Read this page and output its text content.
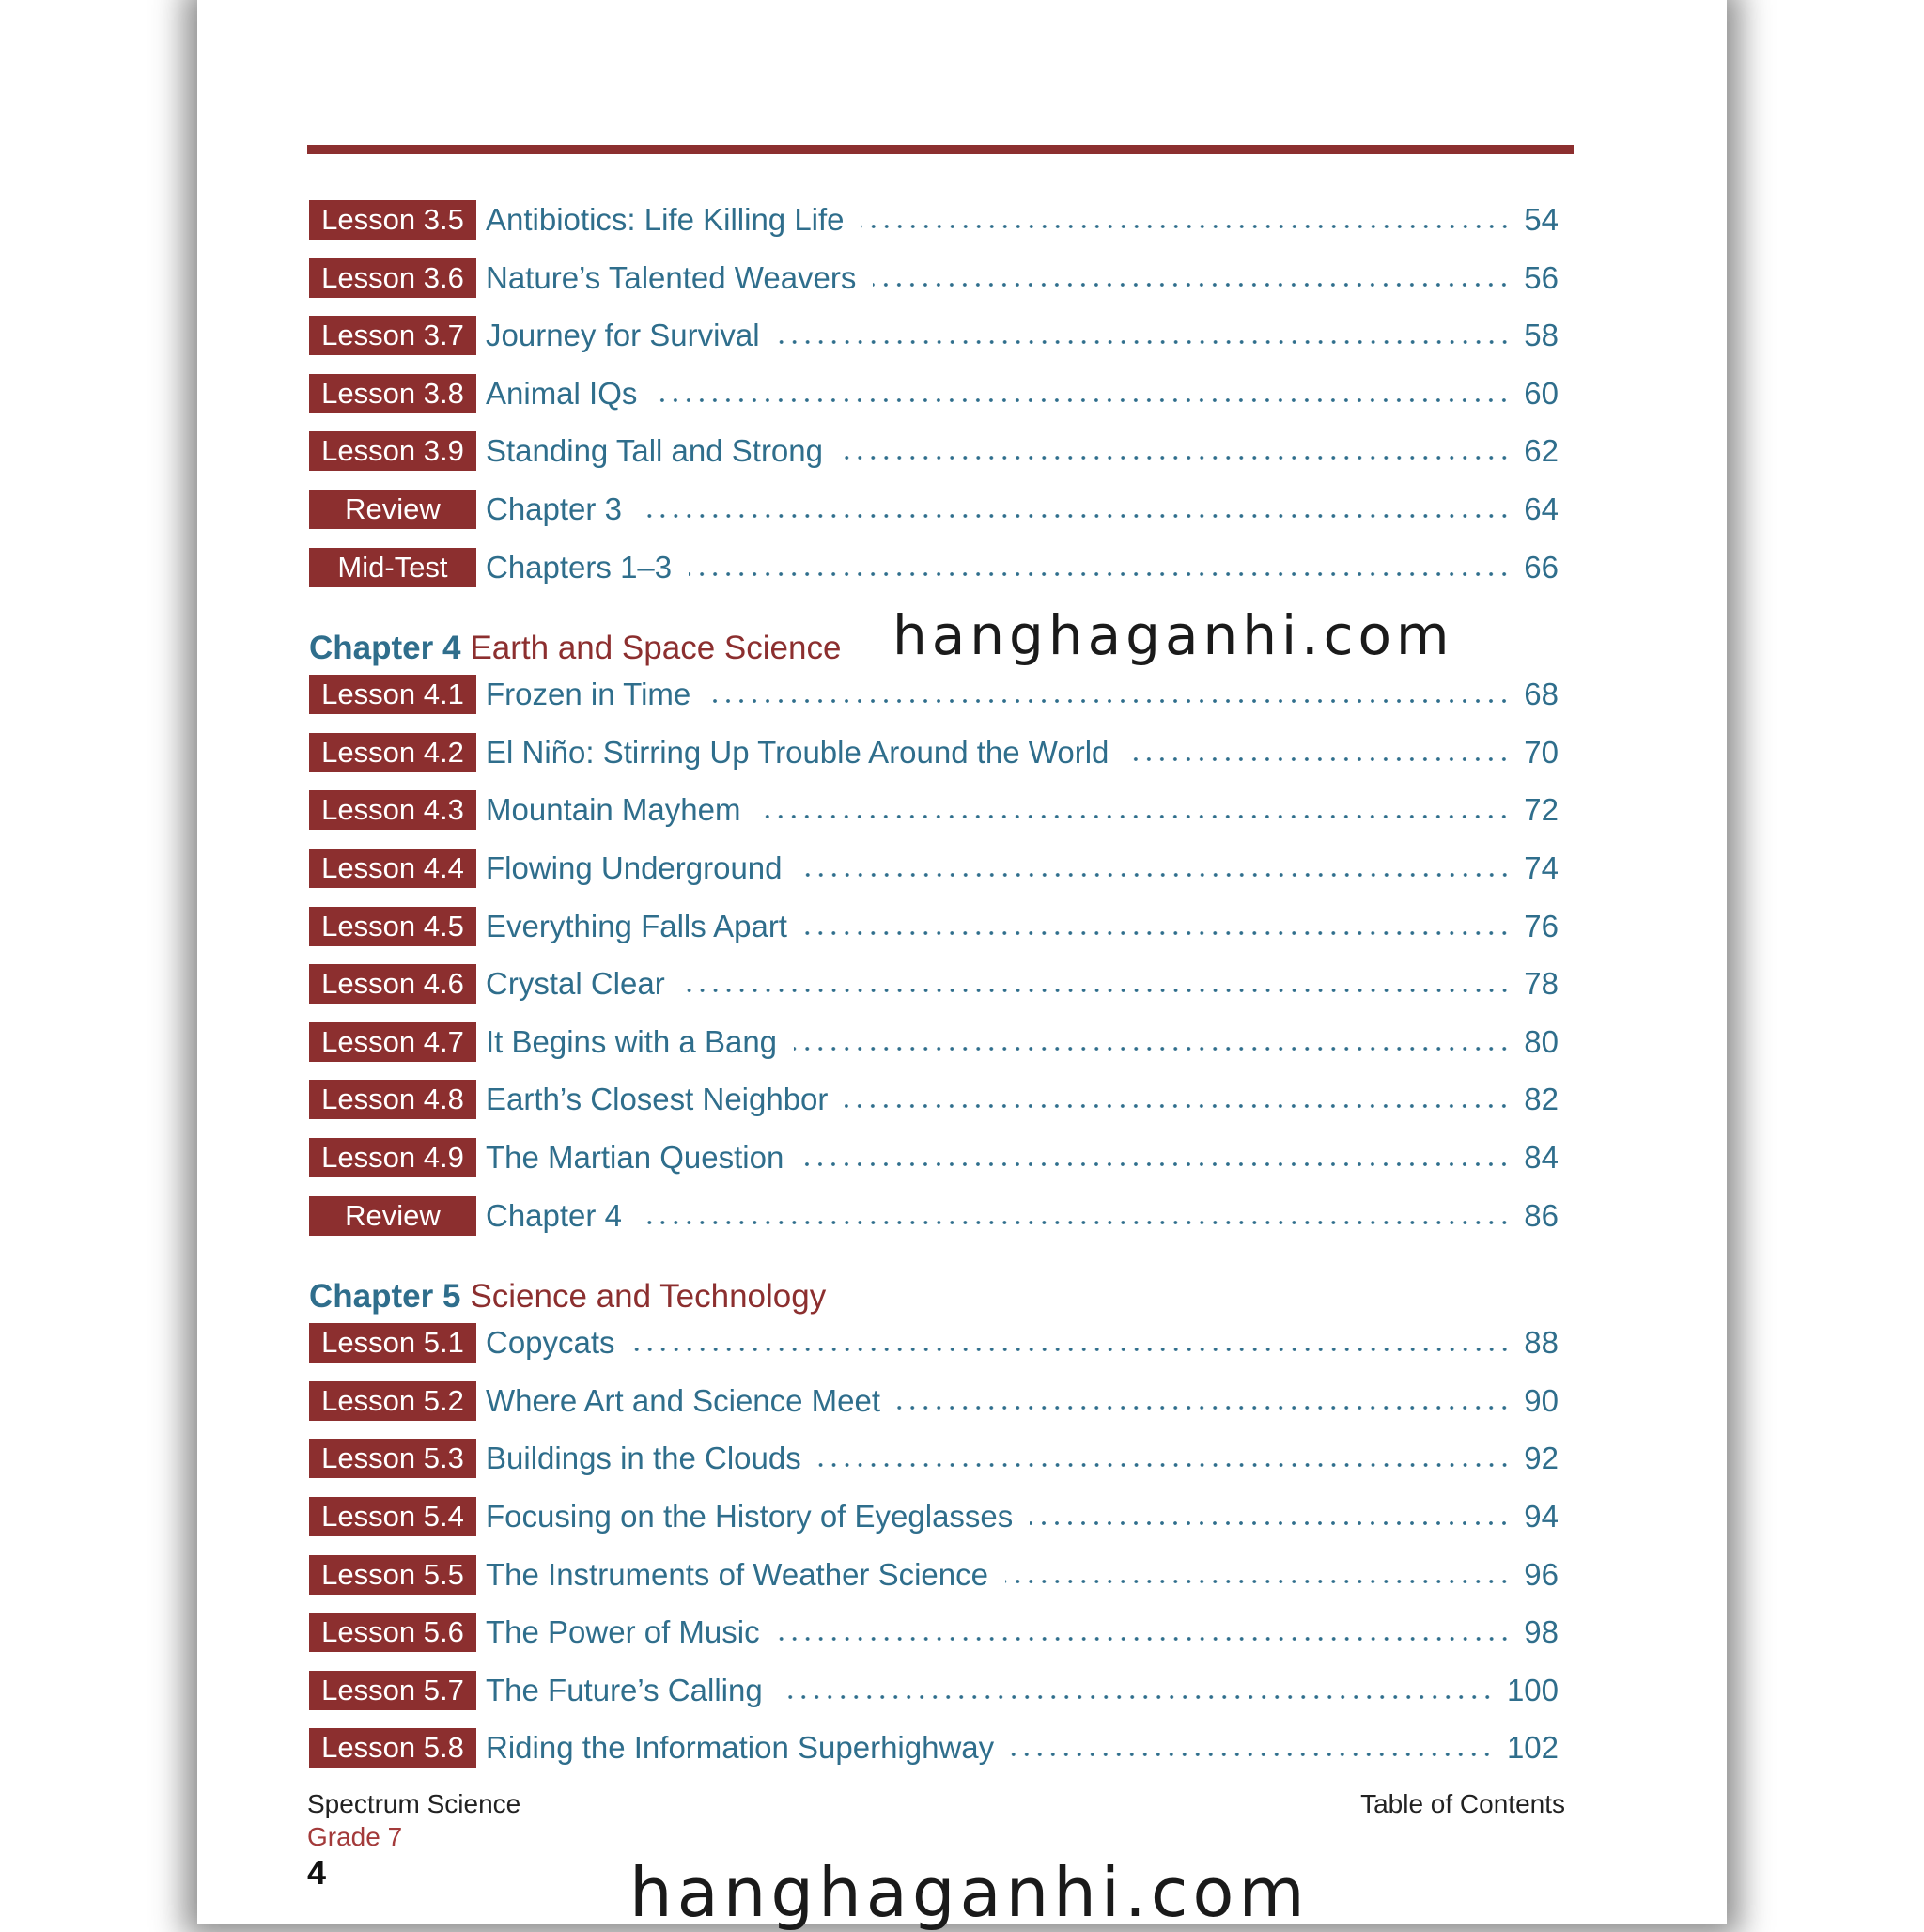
Lesson 3.5 Antibiotics: Life Killing Life	54
Lesson 3.6 Nature’s Talented Weavers	56
Lesson 3.7 Journey for Survival	58
Lesson 3.8 Animal IQs	60
Lesson 3.9 Standing Tall and Strong	62
Review	Chapter 3	64
Mid-Test	Chapters 1–3	66
Chapter 4 Earth and Space Science
Lesson 4.1 Frozen in Time	68
Lesson 4.2 El Niño: Stirring Up Trouble Around the World	70
Lesson 4.3 Mountain Mayhem	72
Lesson 4.4 Flowing Underground	74
Lesson 4.5 Everything Falls Apart	76
Lesson 4.6 Crystal Clear	78
Lesson 4.7 It Begins with a Bang	80
Lesson 4.8 Earth’s Closest Neighbor	82
Lesson 4.9 The Martian Question	84
Review	Chapter 4	86
Chapter 5 Science and Technology
Lesson 5.1 Copycats	88
Lesson 5.2 Where Art and Science Meet	90
Lesson 5.3 Buildings in the Clouds	92
Lesson 5.4 Focusing on the History of Eyeglasses	94
Lesson 5.5 The Instruments of Weather Science	96
Lesson 5.6 The Power of Music	98
Lesson 5.7 The Future’s Calling	100
Lesson 5.8 Riding the Information Superhighway	102
Spectrum Science
Grade 7
Table of Contents
4
hanghaganhi.com
hanghaganhi.com
